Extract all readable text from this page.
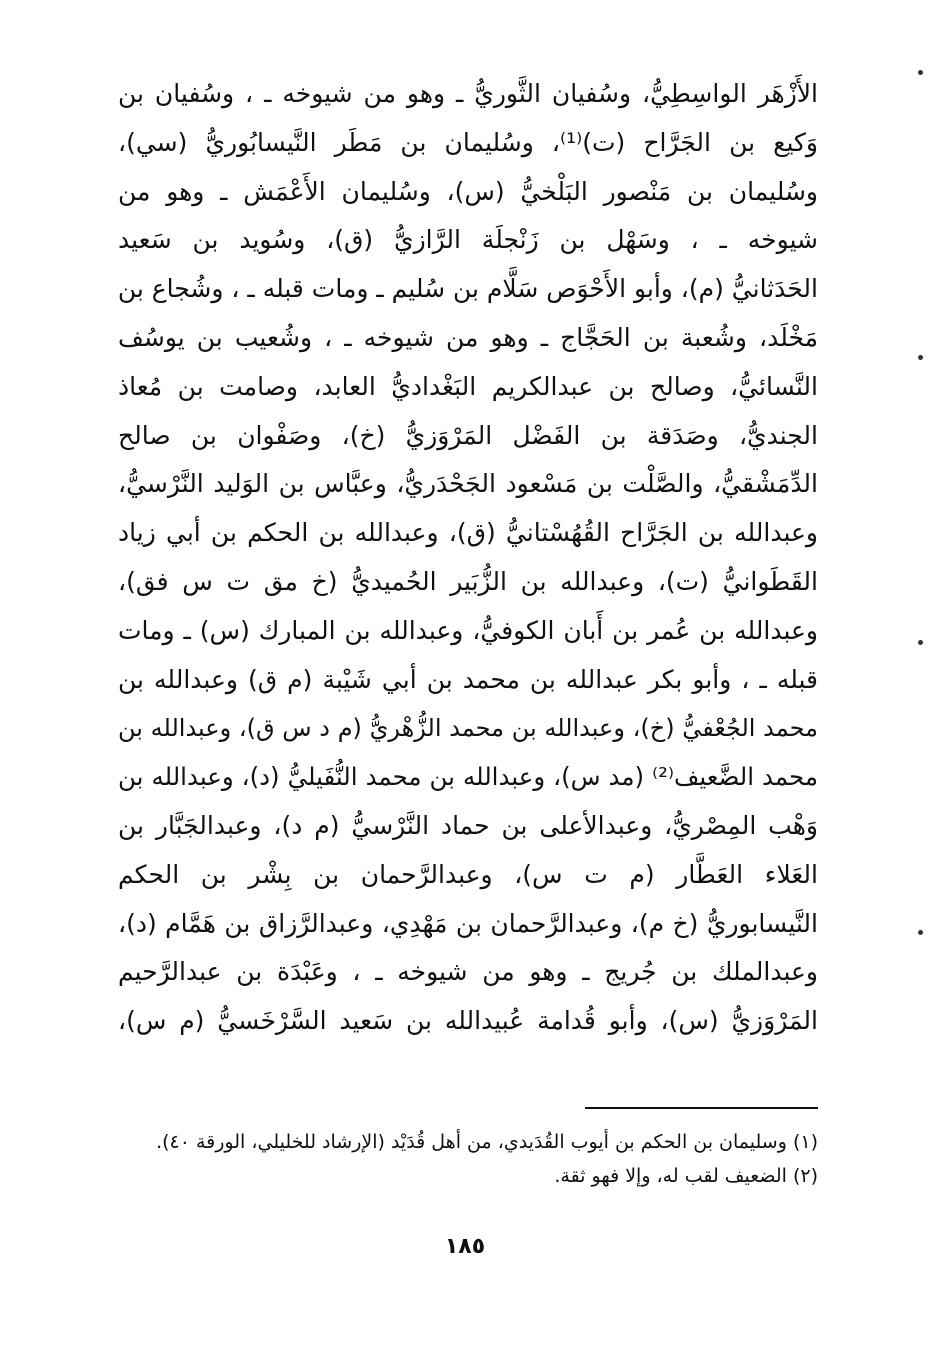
الأَزْهَر الواسِطِيُّ، وسُفيان الثَّوريُّ ـ وهو من شيوخه ـ ، وسُفيان بن
وَكيع بن الجَرَّاح (ت)⁽¹⁾، وسُليمان بن مَطَر النَّيسابُوريُّ (سي)،
وسُليمان بن مَنْصور البَلْخيُّ (س)، وسُليمان الأَعْمَش ـ وهو من
شيوخه ـ ، وسَهْل بن زَنْجلَة الرَّازيُّ (ق)، وسُويد بن سَعيد
الحَدَثانيُّ (م)، وأبو الأَحْوَص سَلَّام بن سُليم ـ ومات قبله ـ ، وشُجاع بن
مَخْلَد، وشُعبة بن الحَجَّاج ـ وهو من شيوخه ـ ، وشُعيب بن يوسُف
النَّسائيُّ، وصالح بن عبدالكريم البَغْداديُّ العابد، وصامت بن مُعاذ
الجنديُّ، وصَدَقة بن الفَضْل المَرْوَزيُّ (خ)، وصَفْوان بن صالح
الدِّمَشْقيُّ، والصَّلْت بن مَسْعود الجَحْدَريُّ، وعبَّاس بن الوَليد النَّرْسيُّ،
وعبدالله بن الجَرَّاح القُهُسْتانيُّ (ق)، وعبدالله بن الحكم بن أبي زياد
القَطَوانيُّ (ت)، وعبدالله بن الزُّبَير الحُميديُّ (خ مق ت س فق)،
وعبدالله بن عُمر بن أَبان الكوفيُّ، وعبدالله بن المبارك (س) ـ ومات
قبله ـ ، وأبو بكر عبدالله بن محمد بن أبي شَيْبة (م ق) وعبدالله بن
محمد الجُعْفيُّ (خ)، وعبدالله بن محمد الزُّهْريُّ (م د س ق)، وعبدالله بن
محمد الضَّعيف⁽²⁾ (مد س)، وعبدالله بن محمد النُّفَيليُّ (د)، وعبدالله بن
وَهْب المِصْريُّ، وعبدالأعلى بن حماد النَّرْسيُّ (م د)، وعبدالجَبَّار بن
العَلاء العَطَّار (م ت س)، وعبدالرَّحمان بن بِشْر بن الحكم
النَّيسابوريُّ (خ م)، وعبدالرَّحمان بن مَهْدِي، وعبدالرَّزاق بن هَمَّام (د)،
وعبدالملك بن جُريج ـ وهو من شيوخه ـ ، وعَبْدَة بن عبدالرَّحيم
المَرْوَزيُّ (س)، وأبو قُدامة عُبيدالله بن سَعيد السَّرْخَسيُّ (م س)،
(١) وسليمان بن الحكم بن أيوب القُدَيدي، من أهل قُدَيْد (الإرشاد للخليلي، الورقة ٤٠).
(٢) الضعيف لقب له، وإلا فهو ثقة.
١٨٥
